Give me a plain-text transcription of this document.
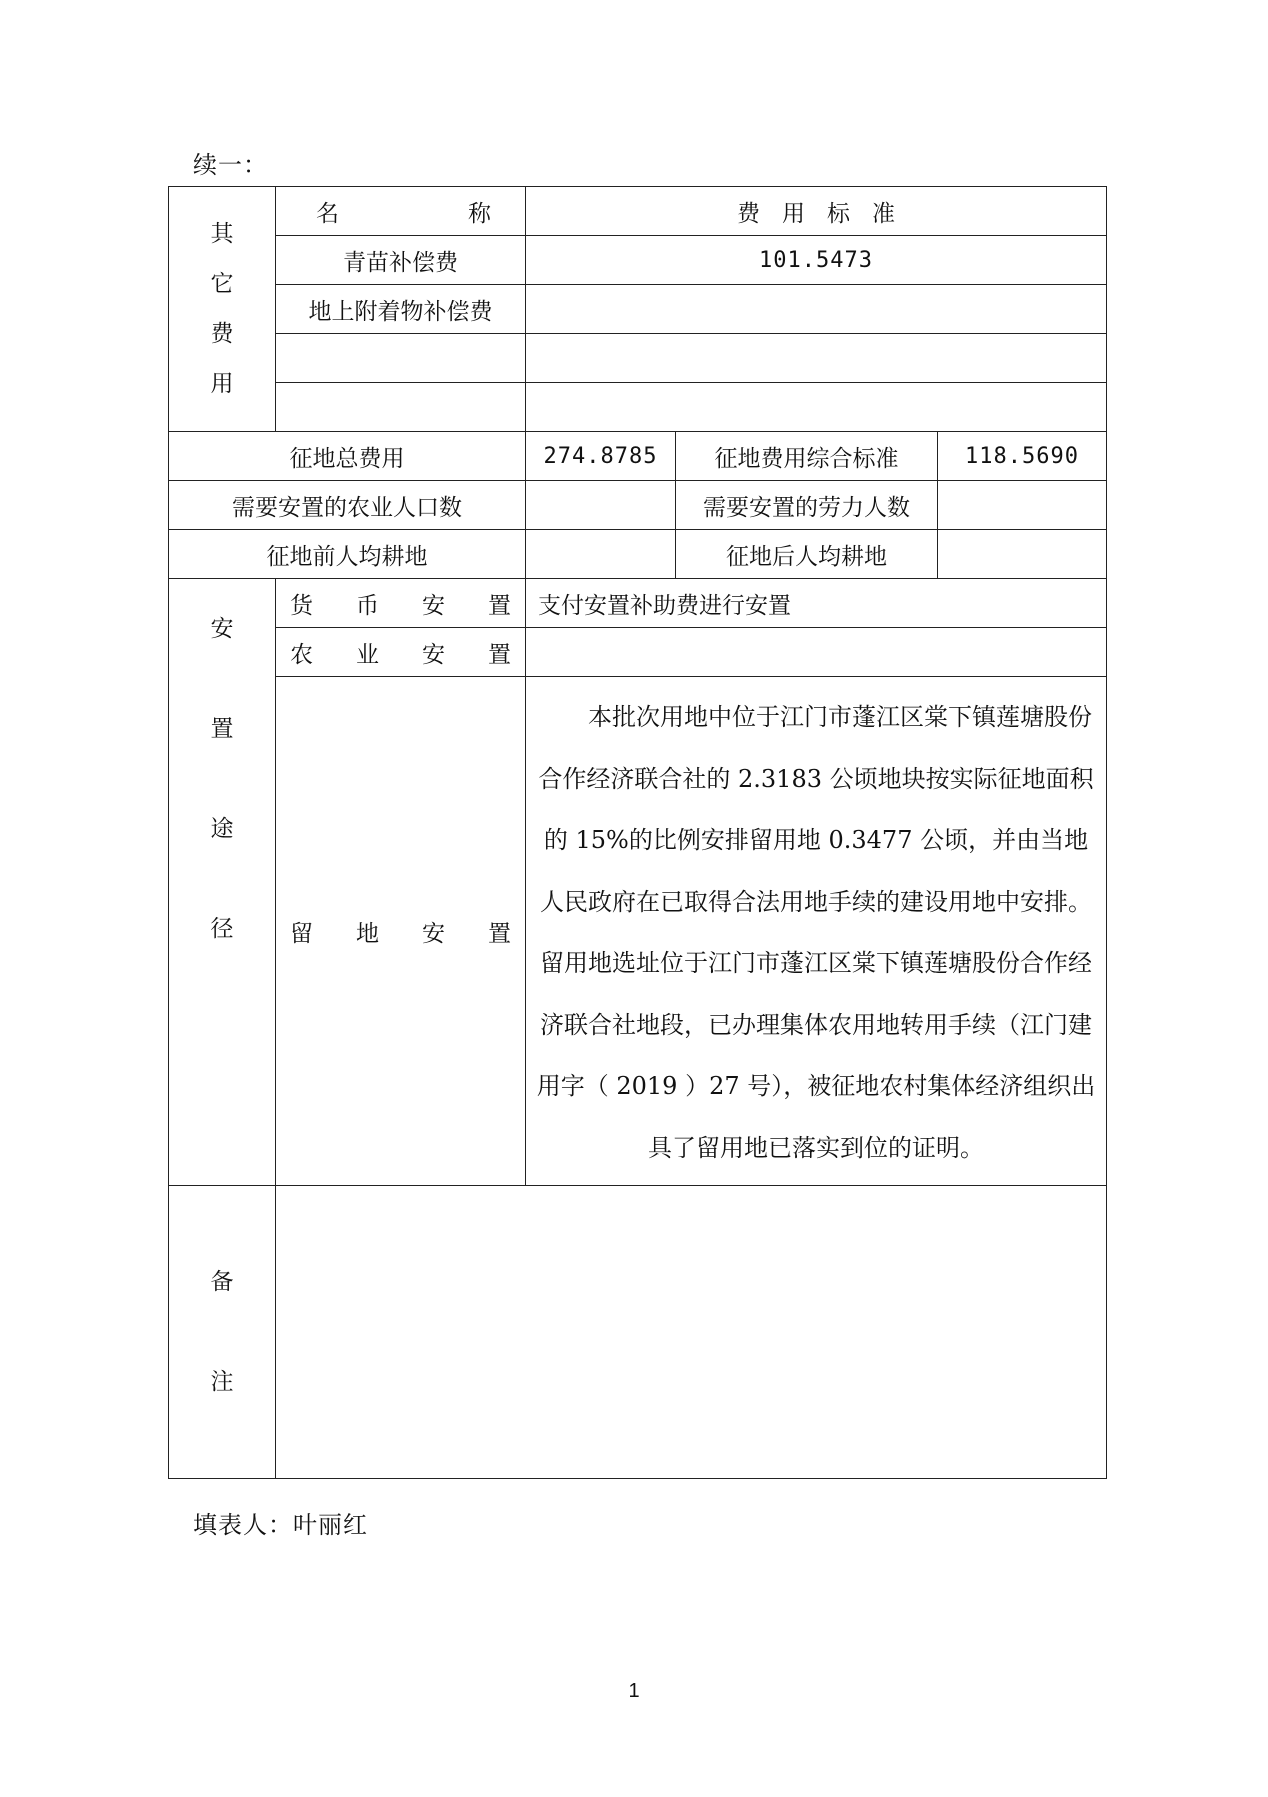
续一：
其
它
费
用	名 称	费 用 标 准		

	青苗补偿费	101.5473		
	地上附着物补偿费			

征地总费用		274.8785	征地费用综合标准	118.5690
需要安置的农业人口数			需要安置的劳力人数	
征地前人均耕地			征地后人均耕地	

安
置
途
径	货 币 安 置	支付安置补助费进行安置		

	农 业 安 置			

	留 地 安 置	本批次用地中位于江门市蓬江区棠下镇莲塘股份合作经济联合社的 2.3183 公顷地块按实际征地面积的 15%的比例安排留用地 0.3477 公顷，并由当地人民政府在已取得合法用地手续的建设用地中安排。留用地选址位于江门市蓬江区棠下镇莲塘股份合作经济联合社地段，已办理集体农用地转用手续（江门建用字（ 2019 ）27 号），被征地农村集体经济组织出具了留用地已落实到位的证明。		

备
注				

填表人：叶丽红
1
